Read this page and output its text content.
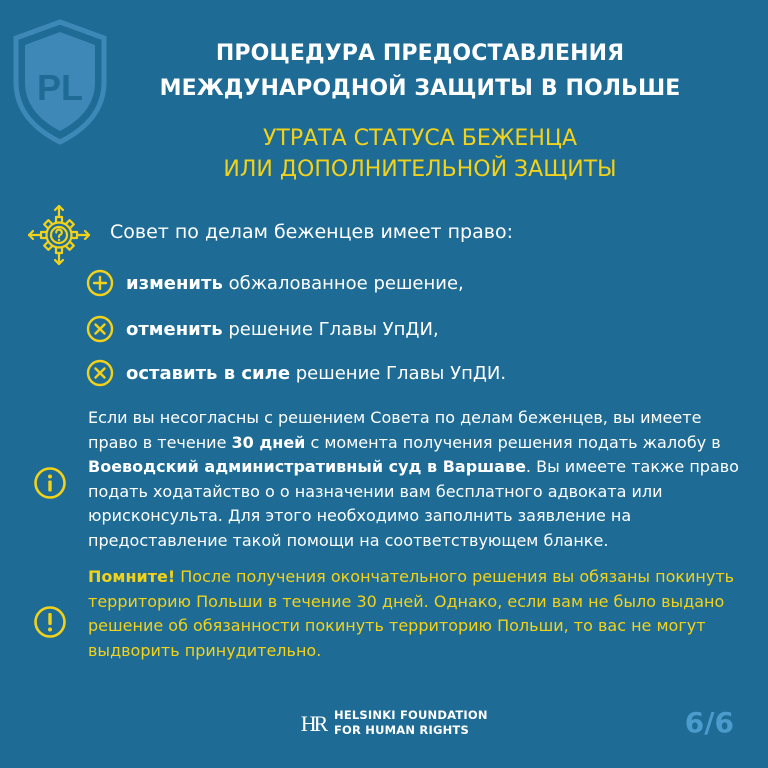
PL
ПРОЦЕДУРА ПРЕДОСТАВЛЕНИЯ
МЕЖДУНАРОДНОЙ ЗАЩИТЫ В ПОЛЬШЕ
УТРАТА СТАТУСА БЕЖЕНЦА
ИЛИ ДОПОЛНИТЕЛЬНОЙ ЗАЩИТЫ
Совет по делам беженцев имеет право:
изменить обжалованное решение,
отменить решение Главы УпДИ,
оставить в силе решение Главы УпДИ.
Если вы несогласны с решением Совета по делам беженцев, вы имеете право в течение 30 дней с момента получения решения подать жалобу в Воеводский административный суд в Варшаве. Вы имеете также право подать ходатайство о о назначении вам бесплатного адвоката или юрисконсульта. Для этого необходимо заполнить заявление на предоставление такой помощи на соответствующем бланке.
Помните! После получения окончательного решения вы обязаны покинуть территорию Польши в течение 30 дней. Однако, если вам не было выдано решение об обязанности покинуть территорию Польши, то вас не могут выдворить принудительно.
HR HELSINKI FOUNDATION
FOR HUMAN RIGHTS	6/6
